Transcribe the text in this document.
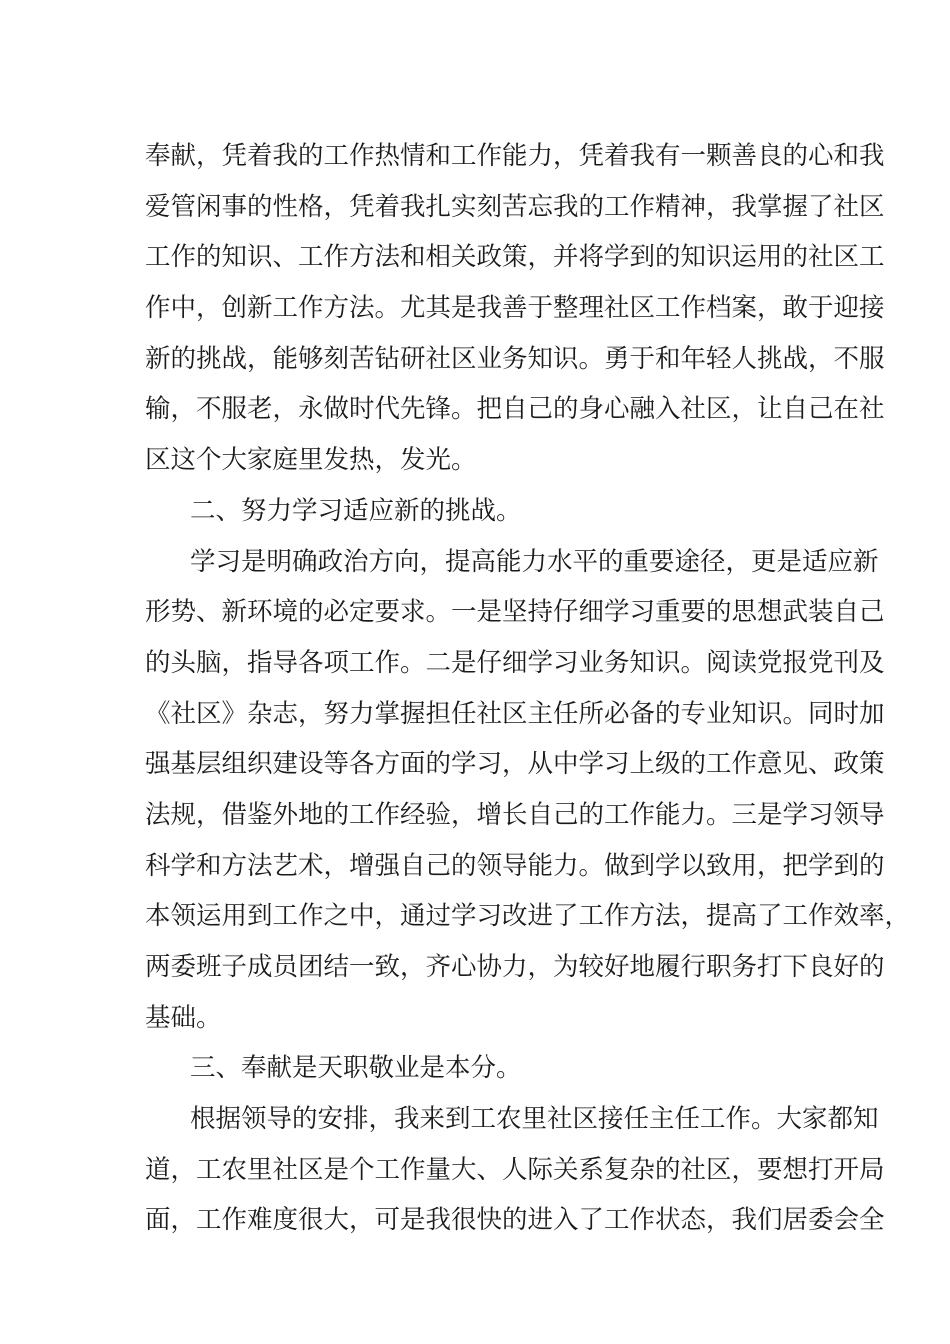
奉献，凭着我的工作热情和工作能力，凭着我有一颗善良的心和我
爱管闲事的性格，凭着我扎实刻苦忘我的工作精神，我掌握了社区
工作的知识、工作方法和相关政策，并将学到的知识运用的社区工
作中，创新工作方法。尤其是我善于整理社区工作档案，敢于迎接
新的挑战，能够刻苦钻研社区业务知识。勇于和年轻人挑战，不服
输，不服老，永做时代先锋。把自己的身心融入社区，让自己在社
区这个大家庭里发热，发光。
二、努力学习适应新的挑战。
学习是明确政治方向，提高能力水平的重要途径，更是适应新
形势、新环境的必定要求。一是坚持仔细学习重要的思想武装自己
的头脑，指导各项工作。二是仔细学习业务知识。阅读党报党刊及
《社区》杂志，努力掌握担任社区主任所必备的专业知识。同时加
强基层组织建设等各方面的学习，从中学习上级的工作意见、政策
法规，借鉴外地的工作经验，增长自己的工作能力。三是学习领导
科学和方法艺术，增强自己的领导能力。做到学以致用，把学到的
本领运用到工作之中，通过学习改进了工作方法，提高了工作效率，
两委班子成员团结一致，齐心协力，为较好地履行职务打下良好的
基础。
三、奉献是天职敬业是本分。
根据领导的安排，我来到工农里社区接任主任工作。大家都知
道，工农里社区是个工作量大、人际关系复杂的社区，要想打开局
面，工作难度很大，可是我很快的进入了工作状态，我们居委会全
